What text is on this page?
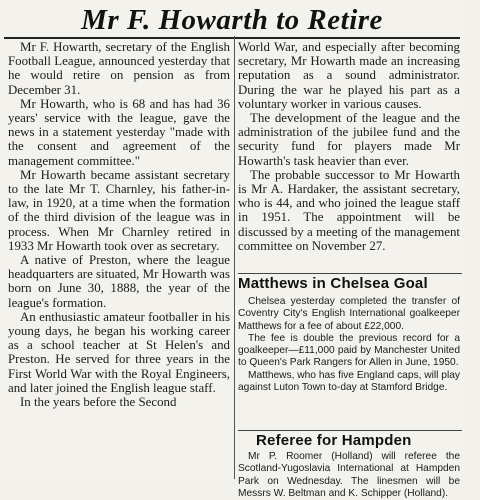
Mr F. Howarth to Retire

Mr F. Howarth, secretary of the English Football League, announced yesterday that he would retire on pension as from December 31.

Mr Howarth, who is 68 and has had 36 years' service with the league, gave the news in a statement yesterday "made with the consent and agreement of the management committee."

Mr Howarth became assistant secretary to the late Mr T. Charnley, his father-in-law, in 1920, at a time when the formation of the third division of the league was in process. When Mr Charnley retired in 1933 Mr Howarth took over as secretary.

A native of Preston, where the league headquarters are situated, Mr Howarth was born on June 30, 1888, the year of the league's formation.

An enthusiastic amateur footballer in his young days, he began his working career as a school teacher at St Helen's and Preston. He served for three years in the First World War with the Royal Engineers, and later joined the English league staff.

In the years before the Second

World War, and especially after becoming secretary, Mr Howarth made an increasing reputation as a sound administrator. During the war he played his part as a voluntary worker in various causes.

The development of the league and the administration of the jubilee fund and the security fund for players made Mr Howarth's task heavier than ever.

The probable successor to Mr Howarth is Mr A. Hardaker, the assistant secretary, who is 44, and who joined the league staff in 1951. The appointment will be discussed by a meeting of the management committee on November 27.

Matthews in Chelsea Goal

Chelsea yesterday completed the transfer of Coventry City's English International goalkeeper Matthews for a fee of about £22,000.

The fee is double the previous record for a goalkeeper—£11,000 paid by Manchester United to Queen's Park Rangers for Allen in June, 1950.

Matthews, who has five England caps, will play against Luton Town to-day at Stamford Bridge.

Referee for Hampden

Mr P. Roomer (Holland) will referee the Scotland-Yugoslavia International at Hampden Park on Wednesday. The linesmen will be Messrs W. Beltman and K. Schipper (Holland).
